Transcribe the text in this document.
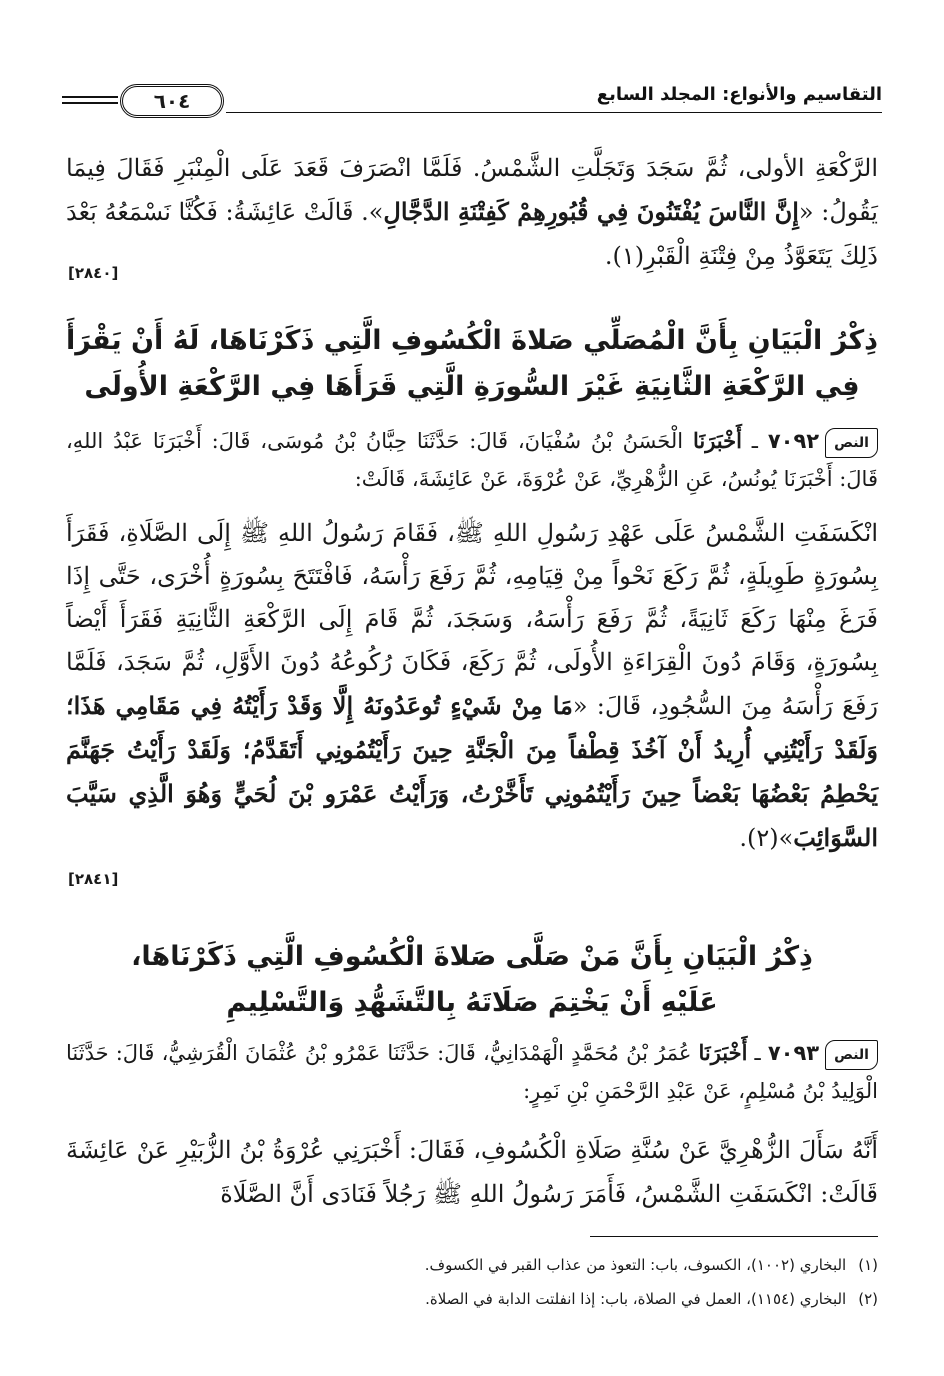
التقاسيم والأنواع: المجلد السابع
٦٠٤
الرَّكْعَةِ الأولى، ثُمَّ سَجَدَ وَتَجَلَّتِ الشَّمْسُ. فَلَمَّا انْصَرَفَ قَعَدَ عَلَى الْمِنْبَرِ فَقَالَ فِيمَا يَقُولُ: «إِنَّ النَّاسَ يُفْتَنُونَ فِي قُبُورِهِمْ كَفِتْنَةِ الدَّجَّالِ». قَالَتْ عَائِشَةُ: فَكُنَّا نَسْمَعُهُ بَعْدَ ذَلِكَ يَتَعَوَّذُ مِنْ فِتْنَةِ الْقَبْرِ(١).
[٢٨٤٠]
ذِكْرُ الْبَيَانِ بِأَنَّ الْمُصَلِّي صَلاةَ الْكُسُوفِ الَّتِي ذَكَرْنَاهَا، لَهُ أَنْ يَقْرَأَ
فِي الرَّكْعَةِ الثَّانِيَةِ غَيْرَ السُّورَةِ الَّتِي قَرَأَهَا فِي الرَّكْعَةِ الأُولَى
النص٧٠٩٢ ـ أَخْبَرَنَا الْحَسَنُ بْنُ سُفْيَانَ، قَالَ: حَدَّثَنَا حِبَّانُ بْنُ مُوسَى، قَالَ: أَخْبَرَنَا عَبْدُ اللهِ، قَالَ: أَخْبَرَنَا يُونُسُ، عَنِ الزُّهْرِيِّ، عَنْ عُرْوَةَ، عَنْ عَائِشَةَ، قَالَتْ:
انْكَسَفَتِ الشَّمْسُ عَلَى عَهْدِ رَسُولِ اللهِ ﷺ، فَقَامَ رَسُولُ اللهِ ﷺ إِلَى الصَّلَاةِ، فَقَرَأَ بِسُورَةٍ طَوِيلَةٍ، ثُمَّ رَكَعَ نَحْواً مِنْ قِيَامِهِ، ثُمَّ رَفَعَ رَأْسَهُ، فَافْتَتَحَ بِسُورَةٍ أُخْرَى، حَتَّى إِذَا فَرَغَ مِنْهَا رَكَعَ ثَانِيَةً، ثُمَّ رَفَعَ رَأْسَهُ، وَسَجَدَ، ثُمَّ قَامَ إِلَى الرَّكْعَةِ الثَّانِيَةِ فَقَرَأَ أَيْضاً بِسُورَةٍ، وَقَامَ دُونَ الْقِرَاءَةِ الأُولَى، ثُمَّ رَكَعَ، فَكَانَ رُكُوعُهُ دُونَ الأَوَّلِ، ثُمَّ سَجَدَ، فَلَمَّا رَفَعَ رَأْسَهُ مِنَ السُّجُودِ، قَالَ: «مَا مِنْ شَيْءٍ تُوعَدُونَهُ إِلَّا وَقَدْ رَأَيْتُهُ فِي مَقَامِي هَذَا؛ وَلَقَدْ رَأَيْتُنِي أُرِيدُ أَنْ آخُذَ قِطْفاً مِنَ الْجَنَّةِ حِينَ رَأَيْتُمُونِي أَتَقَدَّمُ؛ وَلَقَدْ رَأَيْتُ جَهَنَّمَ يَحْطِمُ بَعْضُهَا بَعْضاً حِينَ رَأَيْتُمُونِي تَأَخَّرْتُ، وَرَأَيْتُ عَمْرَو بْنَ لُحَيٍّ وَهُوَ الَّذِي سَيَّبَ السَّوَائِبَ»(٢).
[٢٨٤١]
ذِكْرُ الْبَيَانِ بِأَنَّ مَنْ صَلَّى صَلاةَ الْكُسُوفِ الَّتِي ذَكَرْنَاهَا،
عَلَيْهِ أَنْ يَخْتِمَ صَلَاتَهُ بِالتَّشَهُّدِ وَالتَّسْلِيمِ
النص٧٠٩٣ ـ أَخْبَرَنَا عُمَرُ بْنُ مُحَمَّدٍ الْهَمْدَانِيُّ، قَالَ: حَدَّثَنَا عَمْرُو بْنُ عُثْمَانَ الْقُرَشِيُّ، قَالَ: حَدَّثَنَا الْوَلِيدُ بْنُ مُسْلِمٍ، عَنْ عَبْدِ الرَّحْمَنِ بْنِ نَمِرٍ:
أَنَّهُ سَأَلَ الزُّهْرِيَّ عَنْ سُنَّةِ صَلَاةِ الْكُسُوفِ، فَقَالَ: أَخْبَرَنِي عُرْوَةُ بْنُ الزُّبَيْرِ عَنْ عَائِشَةَ قَالَتْ: انْكَسَفَتِ الشَّمْسُ، فَأَمَرَ رَسُولُ اللهِ ﷺ رَجُلاً فَنَادَى أَنَّ الصَّلَاةَ
(١)البخاري (١٠٠٢)، الكسوف، باب: التعوذ من عذاب القبر في الكسوف.
(٢)البخاري (١١٥٤)، العمل في الصلاة، باب: إذا انفلتت الدابة في الصلاة.
